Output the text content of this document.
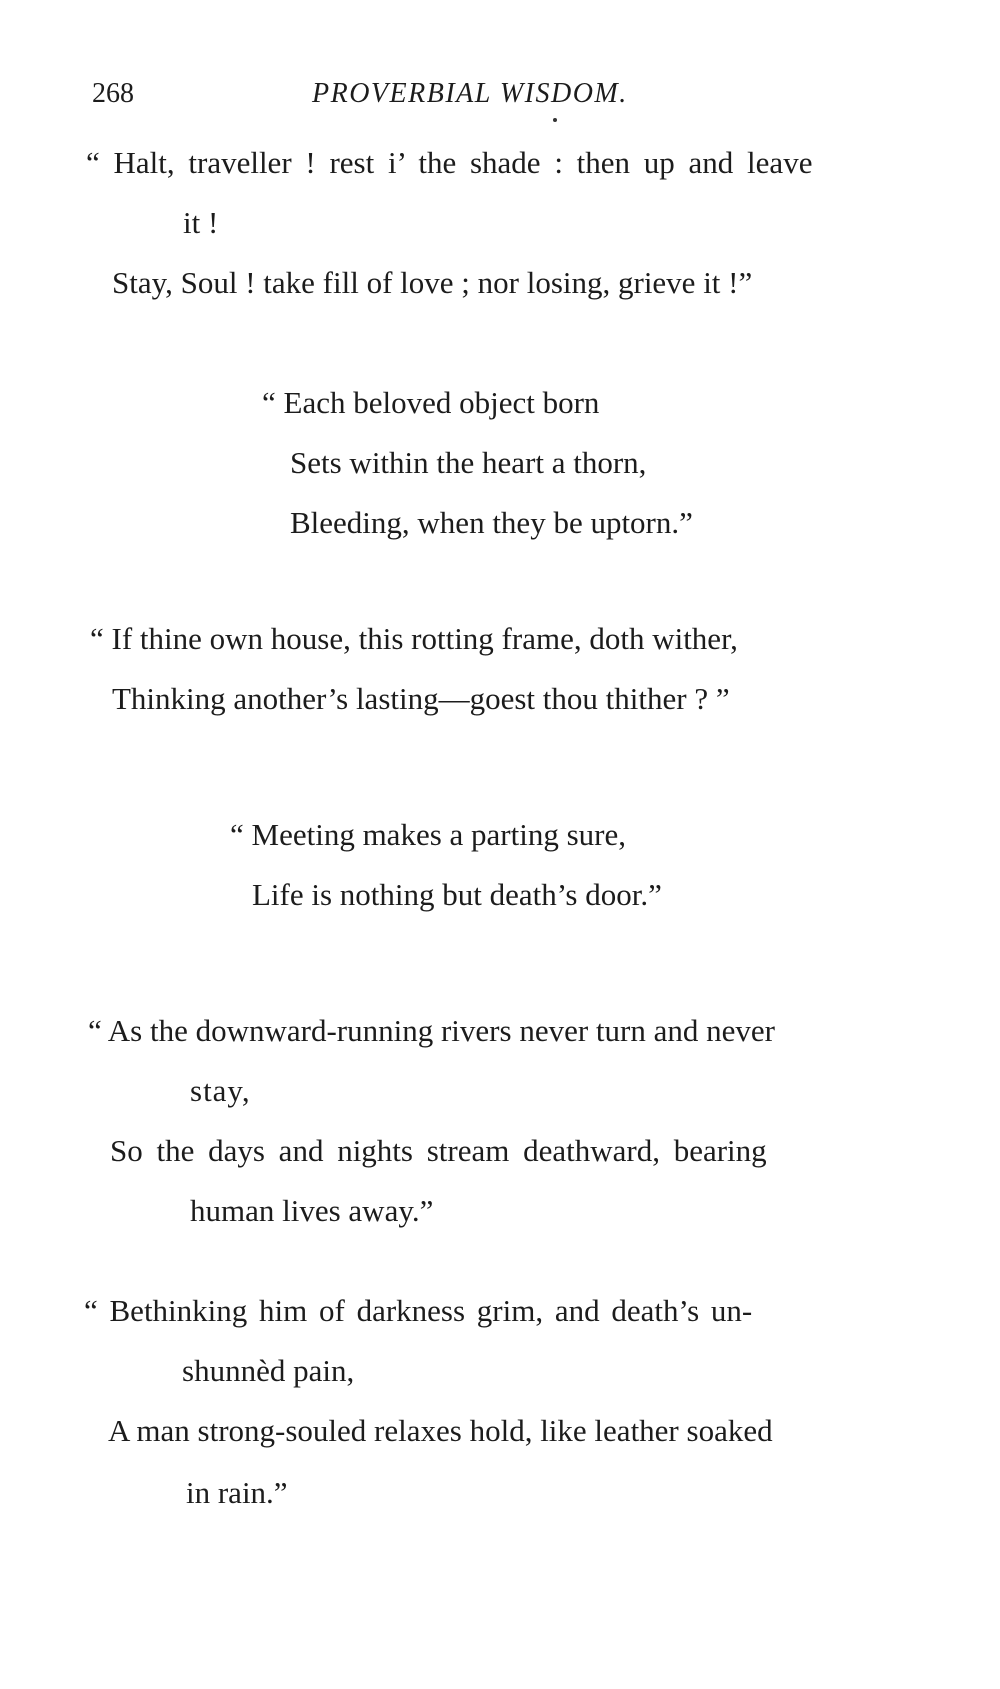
268	PROVERBIAL WISDOM.
“ Halt, traveller ! rest i’ the shade : then up and leave
it !
Stay, Soul ! take fill of love ; nor losing, grieve it !”
“ Each beloved object born
Sets within the heart a thorn,
Bleeding, when they be uptorn.”
“ If thine own house, this rotting frame, doth wither,
Thinking another’s lasting—goest thou thither ? ”
“ Meeting makes a parting sure,
Life is nothing but death’s door.”
“ As the downward-running rivers never turn and never
stay,
So the days and nights stream deathward, bearing
human lives away.”
“ Bethinking him of darkness grim, and death’s un-
shunnèd pain,
A man strong-souled relaxes hold, like leather soaked
in rain.”
